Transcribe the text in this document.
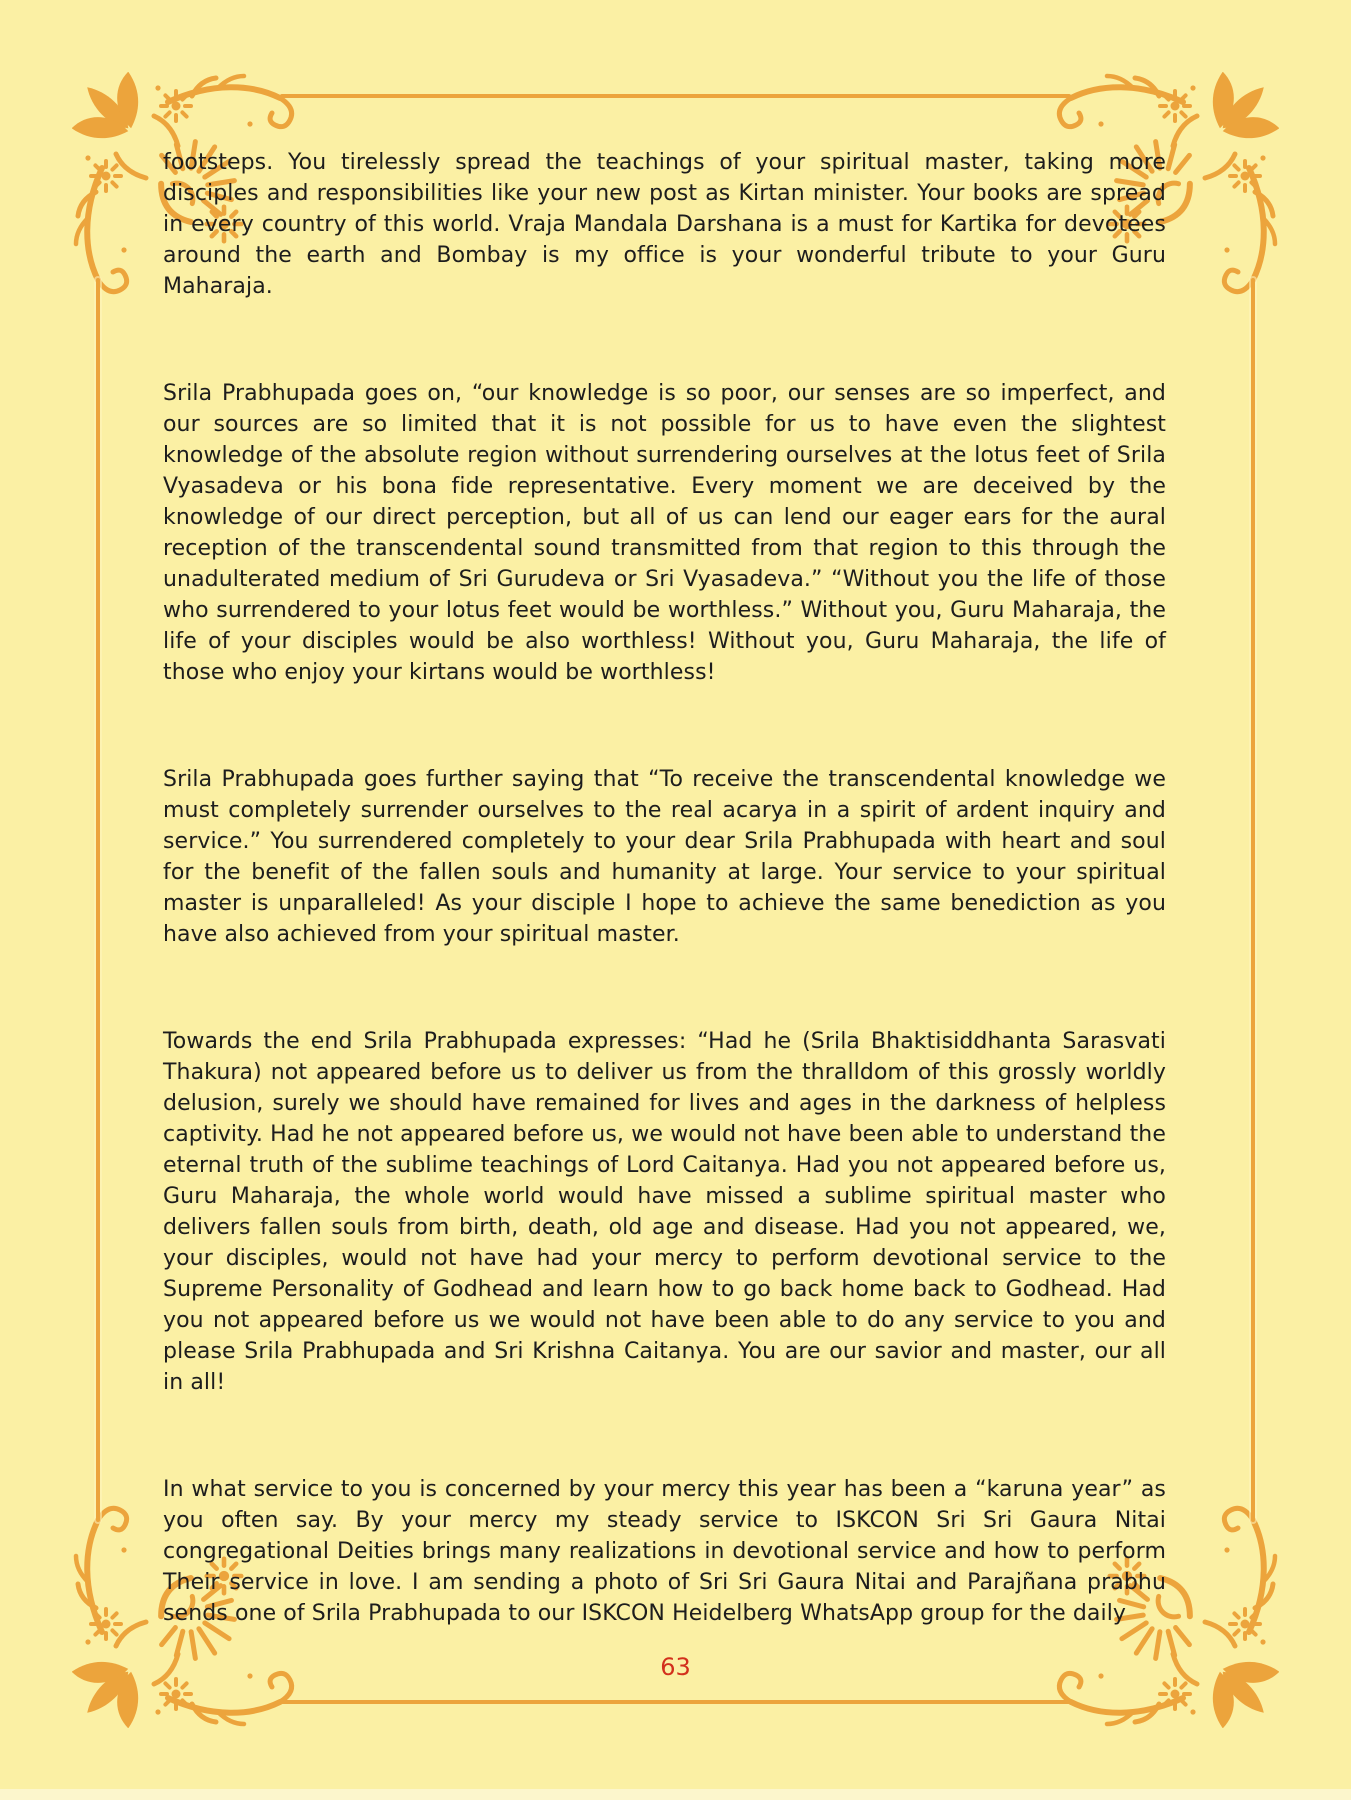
footsteps. You tirelessly spread the teachings of your spiritual master, taking more disciples and responsibilities like your new post as Kirtan minister. Your books are spread in every country of this world. Vraja Mandala Darshana is a must for Kartika for devotees around the earth and Bombay is my office is your wonderful tribute to your Guru Maharaja.

Srila Prabhupada goes on, “our knowledge is so poor, our senses are so imperfect, and our sources are so limited that it is not possible for us to have even the slightest knowledge of the absolute region without surrendering ourselves at the lotus feet of Srila Vyasadeva or his bona fide representative. Every moment we are deceived by the knowledge of our direct perception, but all of us can lend our eager ears for the aural reception of the transcendental sound transmitted from that region to this through the unadulterated medium of Sri Gurudeva or Sri Vyasadeva.” “Without you the life of those who surrendered to your lotus feet would be worthless.” Without you, Guru Maharaja, the life of your disciples would be also worthless! Without you, Guru Maharaja, the life of those who enjoy your kirtans would be worthless!

Srila Prabhupada goes further saying that “To receive the transcendental knowledge we must completely surrender ourselves to the real acarya in a spirit of ardent inquiry and service.” You surrendered completely to your dear Srila Prabhupada with heart and soul for the benefit of the fallen souls and humanity at large. Your service to your spiritual master is unparalleled! As your disciple I hope to achieve the same benediction as you have also achieved from your spiritual master.

Towards the end Srila Prabhupada expresses: “Had he (Srila Bhaktisiddhanta Sarasvati Thakura) not appeared before us to deliver us from the thralldom of this grossly worldly delusion, surely we should have remained for lives and ages in the darkness of helpless captivity. Had he not appeared before us, we would not have been able to understand the eternal truth of the sublime teachings of Lord Caitanya. Had you not appeared before us, Guru Maharaja, the whole world would have missed a sublime spiritual master who delivers fallen souls from birth, death, old age and disease. Had you not appeared, we, your disciples, would not have had your mercy to perform devotional service to the Supreme Personality of Godhead and learn how to go back home back to Godhead. Had you not appeared before us we would not have been able to do any service to you and please Srila Prabhupada and Sri Krishna Caitanya. You are our savior and master, our all in all!

In what service to you is concerned by your mercy this year has been a “karuna year” as you often say. By your mercy my steady service to ISKCON Sri Sri Gaura Nitai congregational Deities brings many realizations in devotional service and how to perform Their service in love. I am sending a photo of Sri Sri Gaura Nitai and Parajñana prabhu sends one of Srila Prabhupada to our ISKCON Heidelberg WhatsApp group for the daily

63
